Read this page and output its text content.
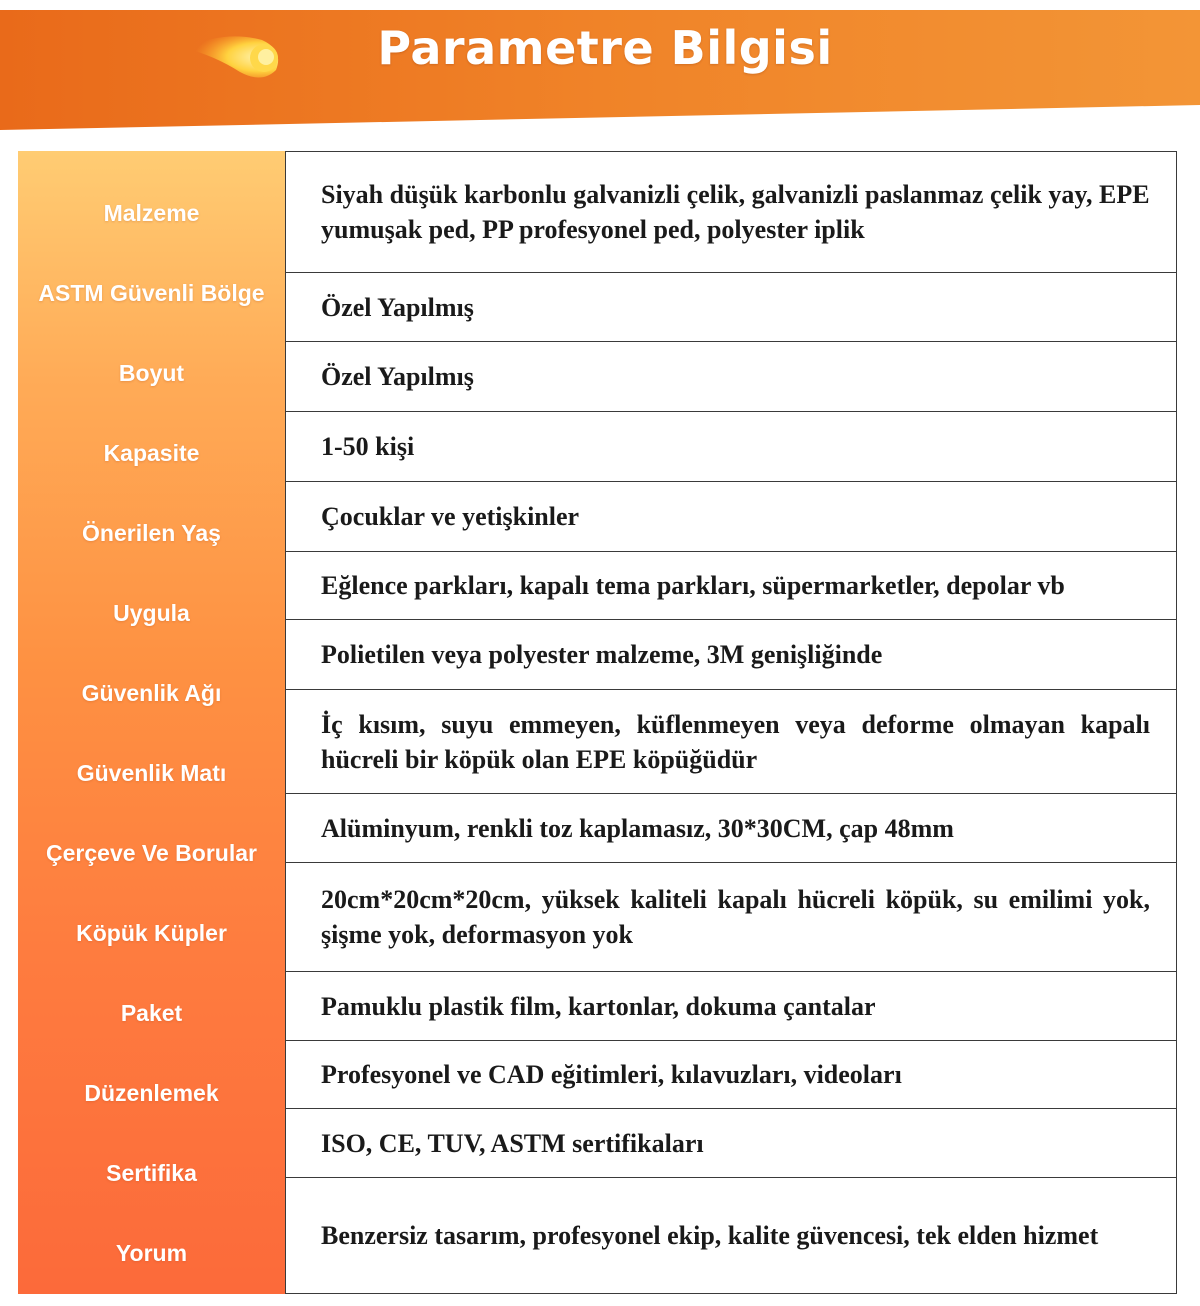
Parametre Bilgisi
Malzeme
ASTM Güvenli Bölge
Boyut
Kapasite
Önerilen Yaş
Uygula
Güvenlik Ağı
Güvenlik Matı
Çerçeve Ve Borular
Köpük Küpler
Paket
Düzenlemek
Sertifika
Yorum
Siyah düşük karbonlu galvanizli çelik, galvanizli paslanmaz çelik yay, EPE yumuşak ped, PP profesyonel ped, polyester iplik
Özel Yapılmış
Özel Yapılmış
1-50 kişi
Çocuklar ve yetişkinler
Eğlence parkları, kapalı tema parkları, süpermarketler, depolar vb
Polietilen veya polyester malzeme, 3M genişliğinde
İç kısım, suyu emmeyen, küflenmeyen veya deforme olmayan kapalı hücreli bir köpük olan EPE köpüğüdür
Alüminyum, renkli toz kaplamasız, 30*30CM, çap 48mm
20cm*20cm*20cm, yüksek kaliteli kapalı hücreli köpük, su emilimi yok, şişme yok, deformasyon yok
Pamuklu plastik film, kartonlar, dokuma çantalar
Profesyonel ve CAD eğitimleri, kılavuzları, videoları
ISO, CE, TUV, ASTM sertifikaları
Benzersiz tasarım, profesyonel ekip, kalite güvencesi, tek elden hizmet
